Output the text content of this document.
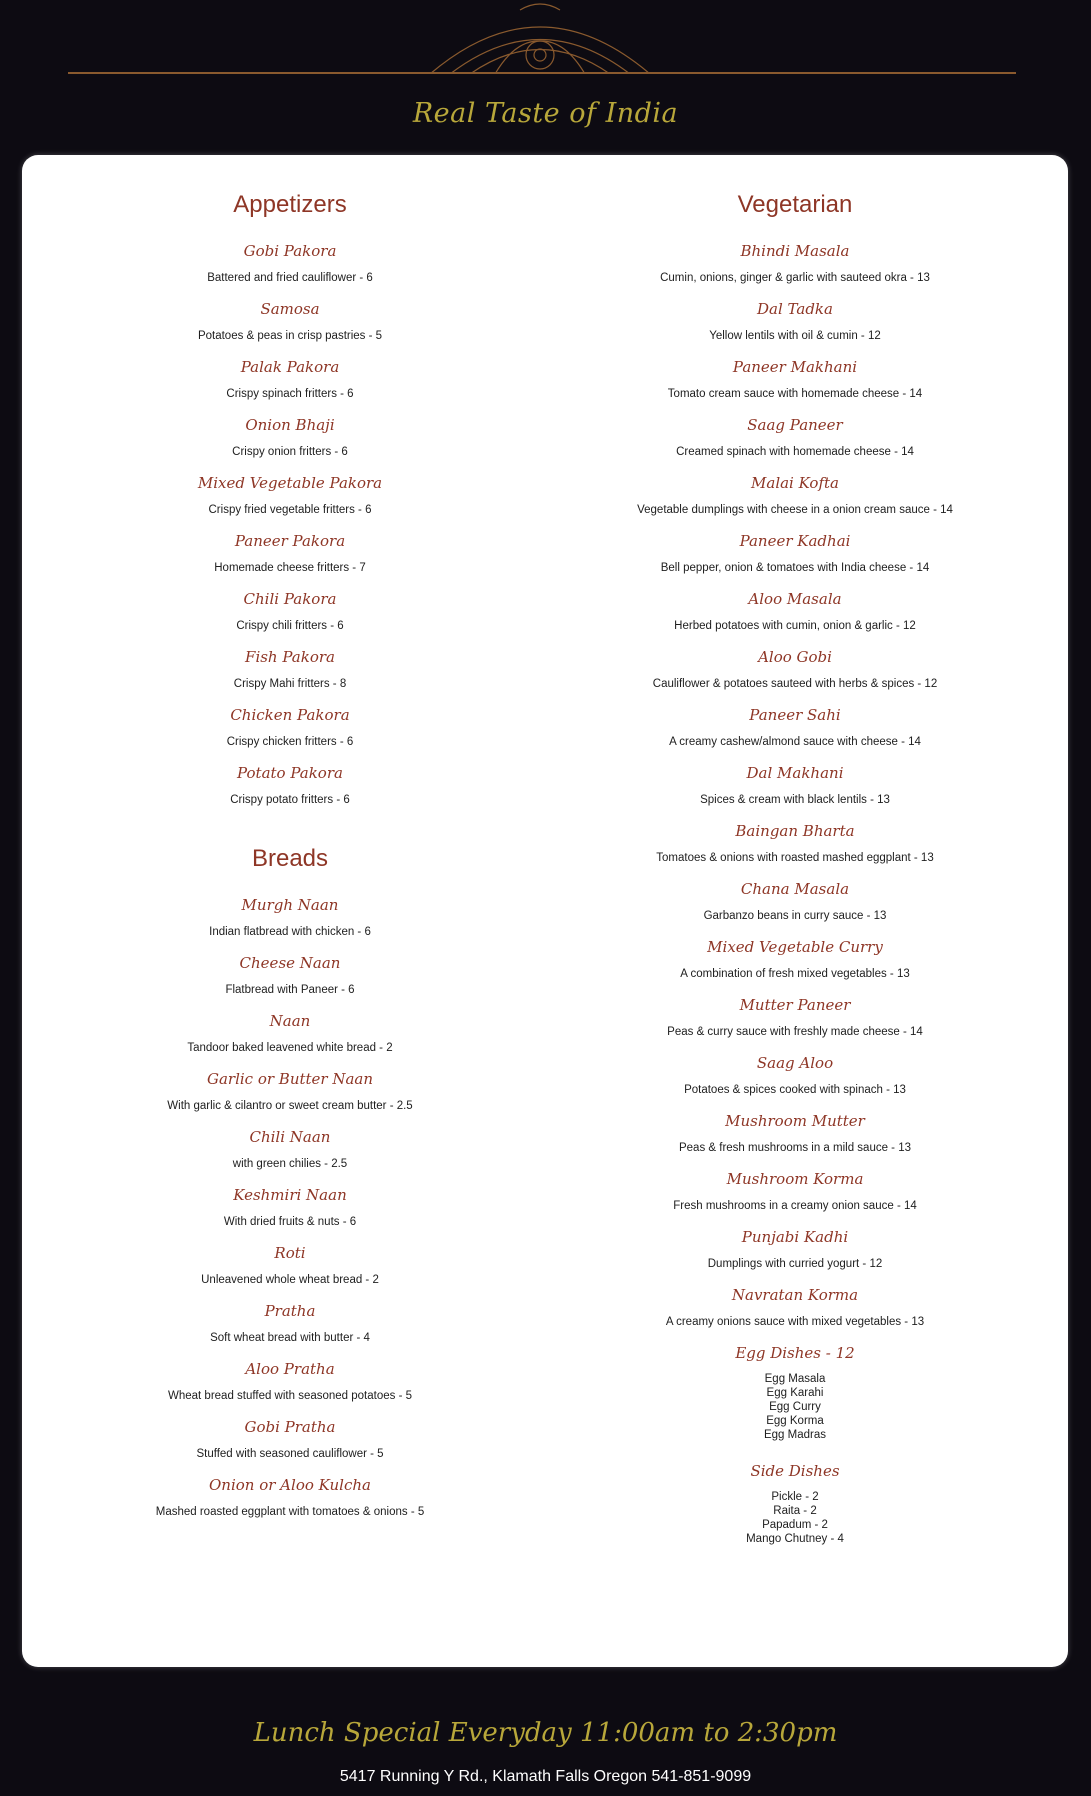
Real Taste of India
Appetizers
Gobi Pakora
Battered and fried cauliflower - 6
Samosa
Potatoes & peas in crisp pastries - 5
Palak Pakora
Crispy spinach fritters - 6
Onion Bhaji
Crispy onion fritters - 6
Mixed Vegetable Pakora
Crispy fried vegetable fritters - 6
Paneer Pakora
Homemade cheese fritters - 7
Chili Pakora
Crispy chili fritters - 6
Fish Pakora
Crispy Mahi fritters - 8
Chicken Pakora
Crispy chicken fritters - 6
Potato Pakora
Crispy potato fritters - 6
Breads
Murgh Naan
Indian flatbread with chicken - 6
Cheese Naan
Flatbread with Paneer - 6
Naan
Tandoor baked leavened white bread - 2
Garlic or Butter Naan
With garlic & cilantro or sweet cream butter - 2.5
Chili Naan
with green chilies - 2.5
Keshmiri Naan
With dried fruits & nuts - 6
Roti
Unleavened whole wheat bread - 2
Pratha
Soft wheat bread with butter - 4
Aloo Pratha
Wheat bread stuffed with seasoned potatoes - 5
Gobi Pratha
Stuffed with seasoned cauliflower - 5
Onion or Aloo Kulcha
Mashed roasted eggplant with tomatoes & onions - 5
Vegetarian
Bhindi Masala
Cumin, onions, ginger & garlic with sauteed okra - 13
Dal Tadka
Yellow lentils with oil & cumin - 12
Paneer Makhani
Tomato cream sauce with homemade cheese - 14
Saag Paneer
Creamed spinach with homemade cheese - 14
Malai Kofta
Vegetable dumplings with cheese in a onion cream sauce - 14
Paneer Kadhai
Bell pepper, onion & tomatoes with India cheese - 14
Aloo Masala
Herbed potatoes with cumin, onion & garlic - 12
Aloo Gobi
Cauliflower & potatoes sauteed with herbs & spices - 12
Paneer Sahi
A creamy cashew/almond sauce with cheese - 14
Dal Makhani
Spices & cream with black lentils - 13
Baingan Bharta
Tomatoes & onions with roasted mashed eggplant - 13
Chana Masala
Garbanzo beans in curry sauce - 13
Mixed Vegetable Curry
A combination of fresh mixed vegetables - 13
Mutter Paneer
Peas & curry sauce with freshly made cheese - 14
Saag Aloo
Potatoes & spices cooked with spinach - 13
Mushroom Mutter
Peas & fresh mushrooms in a mild sauce - 13
Mushroom Korma
Fresh mushrooms in a creamy onion sauce - 14
Punjabi Kadhi
Dumplings with curried yogurt - 12
Navratan Korma
A creamy onions sauce with mixed vegetables - 13
Egg Dishes - 12
Egg Masala
Egg Karahi
Egg Curry
Egg Korma
Egg Madras
Side Dishes
Pickle - 2
Raita - 2
Papadum - 2
Mango Chutney - 4
Lunch Special Everyday 11:00am to 2:30pm
5417 Running Y Rd., Klamath Falls Oregon 541-851-9099
